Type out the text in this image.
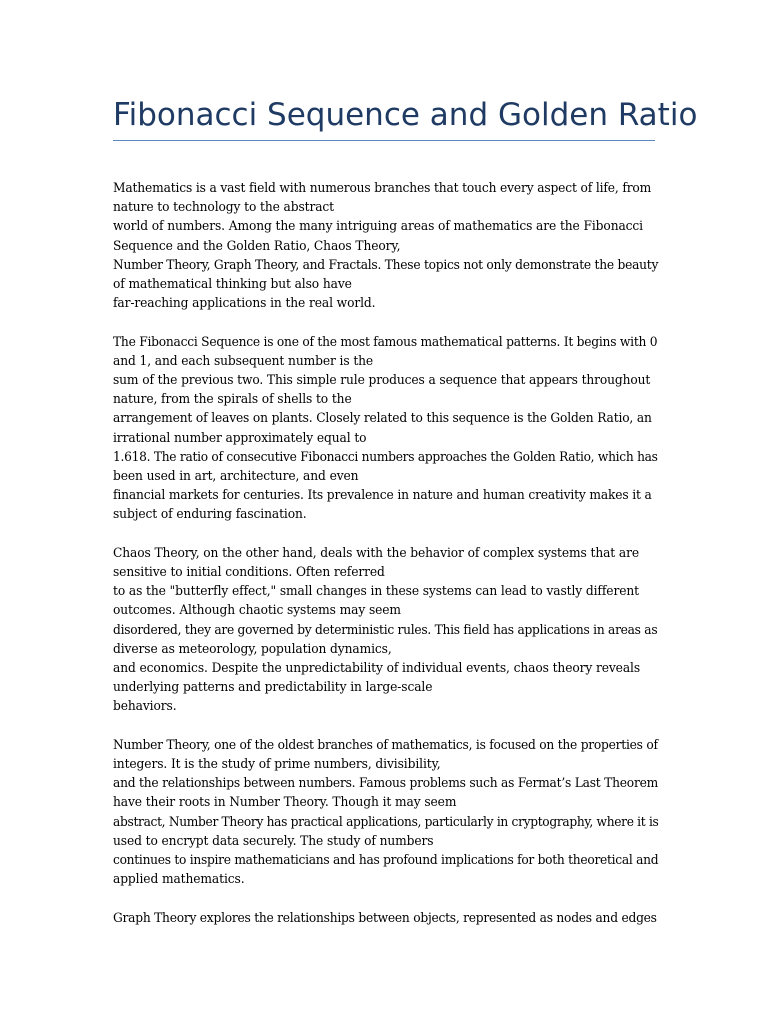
Fibonacci Sequence and Golden Ratio

Mathematics is a vast field with numerous branches that touch every aspect of life, from
nature to technology to the abstract
world of numbers. Among the many intriguing areas of mathematics are the Fibonacci
Sequence and the Golden Ratio, Chaos Theory,
Number Theory, Graph Theory, and Fractals. These topics not only demonstrate the beauty
of mathematical thinking but also have
far-reaching applications in the real world.

The Fibonacci Sequence is one of the most famous mathematical patterns. It begins with 0
and 1, and each subsequent number is the
sum of the previous two. This simple rule produces a sequence that appears throughout
nature, from the spirals of shells to the
arrangement of leaves on plants. Closely related to this sequence is the Golden Ratio, an
irrational number approximately equal to
1.618. The ratio of consecutive Fibonacci numbers approaches the Golden Ratio, which has
been used in art, architecture, and even
financial markets for centuries. Its prevalence in nature and human creativity makes it a
subject of enduring fascination.

Chaos Theory, on the other hand, deals with the behavior of complex systems that are
sensitive to initial conditions. Often referred
to as the "butterfly effect," small changes in these systems can lead to vastly different
outcomes. Although chaotic systems may seem
disordered, they are governed by deterministic rules. This field has applications in areas as
diverse as meteorology, population dynamics,
and economics. Despite the unpredictability of individual events, chaos theory reveals
underlying patterns and predictability in large-scale
behaviors.

Number Theory, one of the oldest branches of mathematics, is focused on the properties of
integers. It is the study of prime numbers, divisibility,
and the relationships between numbers. Famous problems such as Fermat’s Last Theorem
have their roots in Number Theory. Though it may seem
abstract, Number Theory has practical applications, particularly in cryptography, where it is
used to encrypt data securely. The study of numbers
continues to inspire mathematicians and has profound implications for both theoretical and
applied mathematics.

Graph Theory explores the relationships between objects, represented as nodes and edges
